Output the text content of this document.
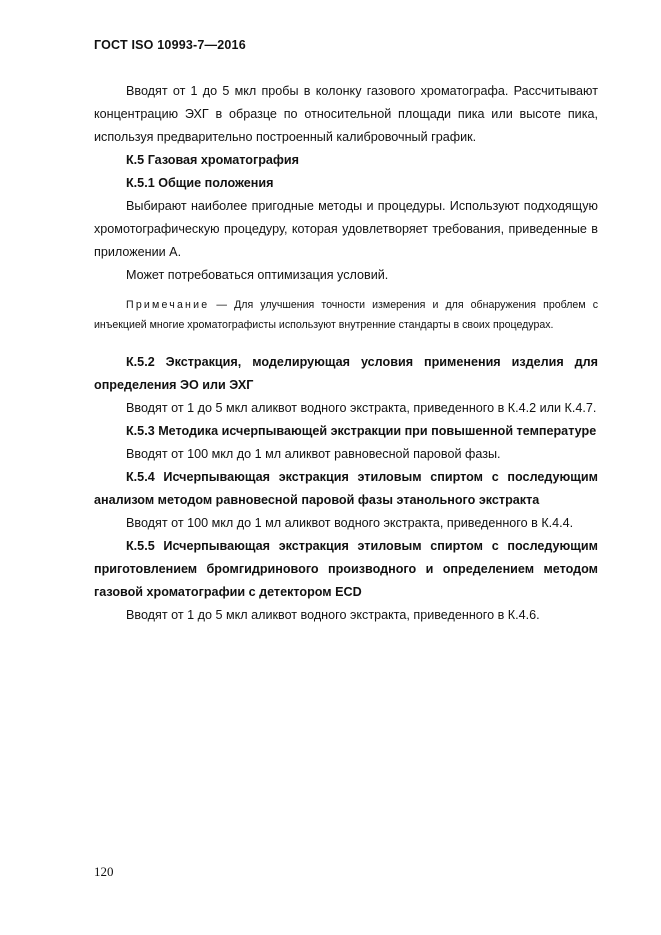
ГОСТ ISO 10993-7—2016

Вводят от 1 до 5 мкл пробы в колонку газового хроматографа. Рассчитывают концентрацию ЭХГ в образце по относительной площади пика или высоте пика, используя предварительно построенный калибровочный график.

К.5 Газовая хроматография

К.5.1 Общие положения

Выбирают наиболее пригодные методы и процедуры. Используют подходящую хромотографическую процедуру, которая удовлетворяет требования, приведенные в приложении А.

Может потребоваться оптимизация условий.

Примечание — Для улучшения точности измерения и для обнаружения проблем с инъекцией многие хроматографисты используют внутренние стандарты в своих процедурах.

К.5.2 Экстракция, моделирующая условия применения изделия для определения ЭО или ЭХГ

Вводят от 1 до 5 мкл аликвот водного экстракта, приведенного в К.4.2 или К.4.7.

К.5.3 Методика исчерпывающей экстракции при повышенной температуре

Вводят от 100 мкл до 1 мл аликвот равновесной паровой фазы.

К.5.4 Исчерпывающая экстракция этиловым спиртом с последующим анализом методом равновесной паровой фазы этанольного экстракта

Вводят от 100 мкл до 1 мл аликвот водного экстракта, приведенного в К.4.4.

К.5.5 Исчерпывающая экстракция этиловым спиртом с последующим приготовлением бромгидринового производного и определением методом газовой хроматографии с детектором ECD

Вводят от 1 до 5 мкл аликвот водного экстракта, приведенного в К.4.6.

120
